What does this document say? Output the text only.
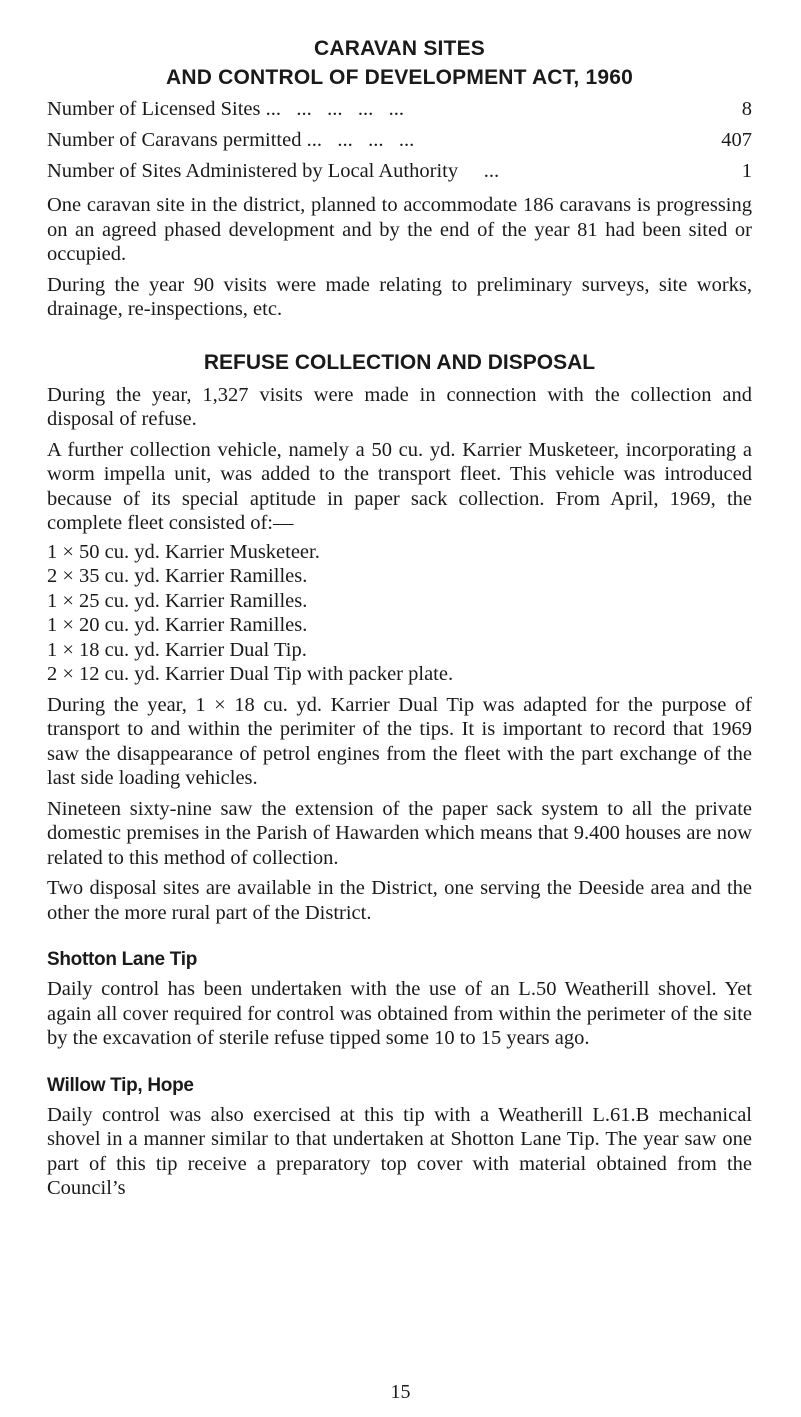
CARAVAN SITES
AND CONTROL OF DEVELOPMENT ACT, 1960
Number of Licensed Sites ...   ...   ...   ...   ...	8
Number of Caravans permitted ...   ...   ...   ...	407
Number of Sites Administered by Local Authority ...	1

One caravan site in the district, planned to accommodate 186 caravans is progressing on an agreed phased development and by the end of the year 81 had been sited or occupied.

During the year 90 visits were made relating to preliminary surveys, site works, drainage, re-inspections, etc.

REFUSE COLLECTION AND DISPOSAL

During the year, 1,327 visits were made in connection with the collection and disposal of refuse.

A further collection vehicle, namely a 50 cu. yd. Karrier Musketeer, incorporating a worm impella unit, was added to the transport fleet. This vehicle was introduced because of its special aptitude in paper sack collection. From April, 1969, the complete fleet consisted of:—

1 × 50 cu. yd. Karrier Musketeer.
2 × 35 cu. yd. Karrier Ramilles.
1 × 25 cu. yd. Karrier Ramilles.
1 × 20 cu. yd. Karrier Ramilles.
1 × 18 cu. yd. Karrier Dual Tip.
2 × 12 cu. yd. Karrier Dual Tip with packer plate.

During the year, 1 × 18 cu. yd. Karrier Dual Tip was adapted for the purpose of transport to and within the perimiter of the tips. It is important to record that 1969 saw the disappearance of petrol engines from the fleet with the part exchange of the last side loading vehicles.

Nineteen sixty-nine saw the extension of the paper sack system to all the private domestic premises in the Parish of Hawarden which means that 9.400 houses are now related to this method of collection.

Two disposal sites are available in the District, one serving the Deeside area and the other the more rural part of the District.

Shotton Lane Tip

Daily control has been undertaken with the use of an L.50 Weatherill shovel. Yet again all cover required for control was obtained from within the perimeter of the site by the excavation of sterile refuse tipped some 10 to 15 years ago.

Willow Tip, Hope

Daily control was also exercised at this tip with a Weatherill L.61.B mechanical shovel in a manner similar to that undertaken at Shotton Lane Tip. The year saw one part of this tip receive a preparatory top cover with material obtained from the Council’s

15
